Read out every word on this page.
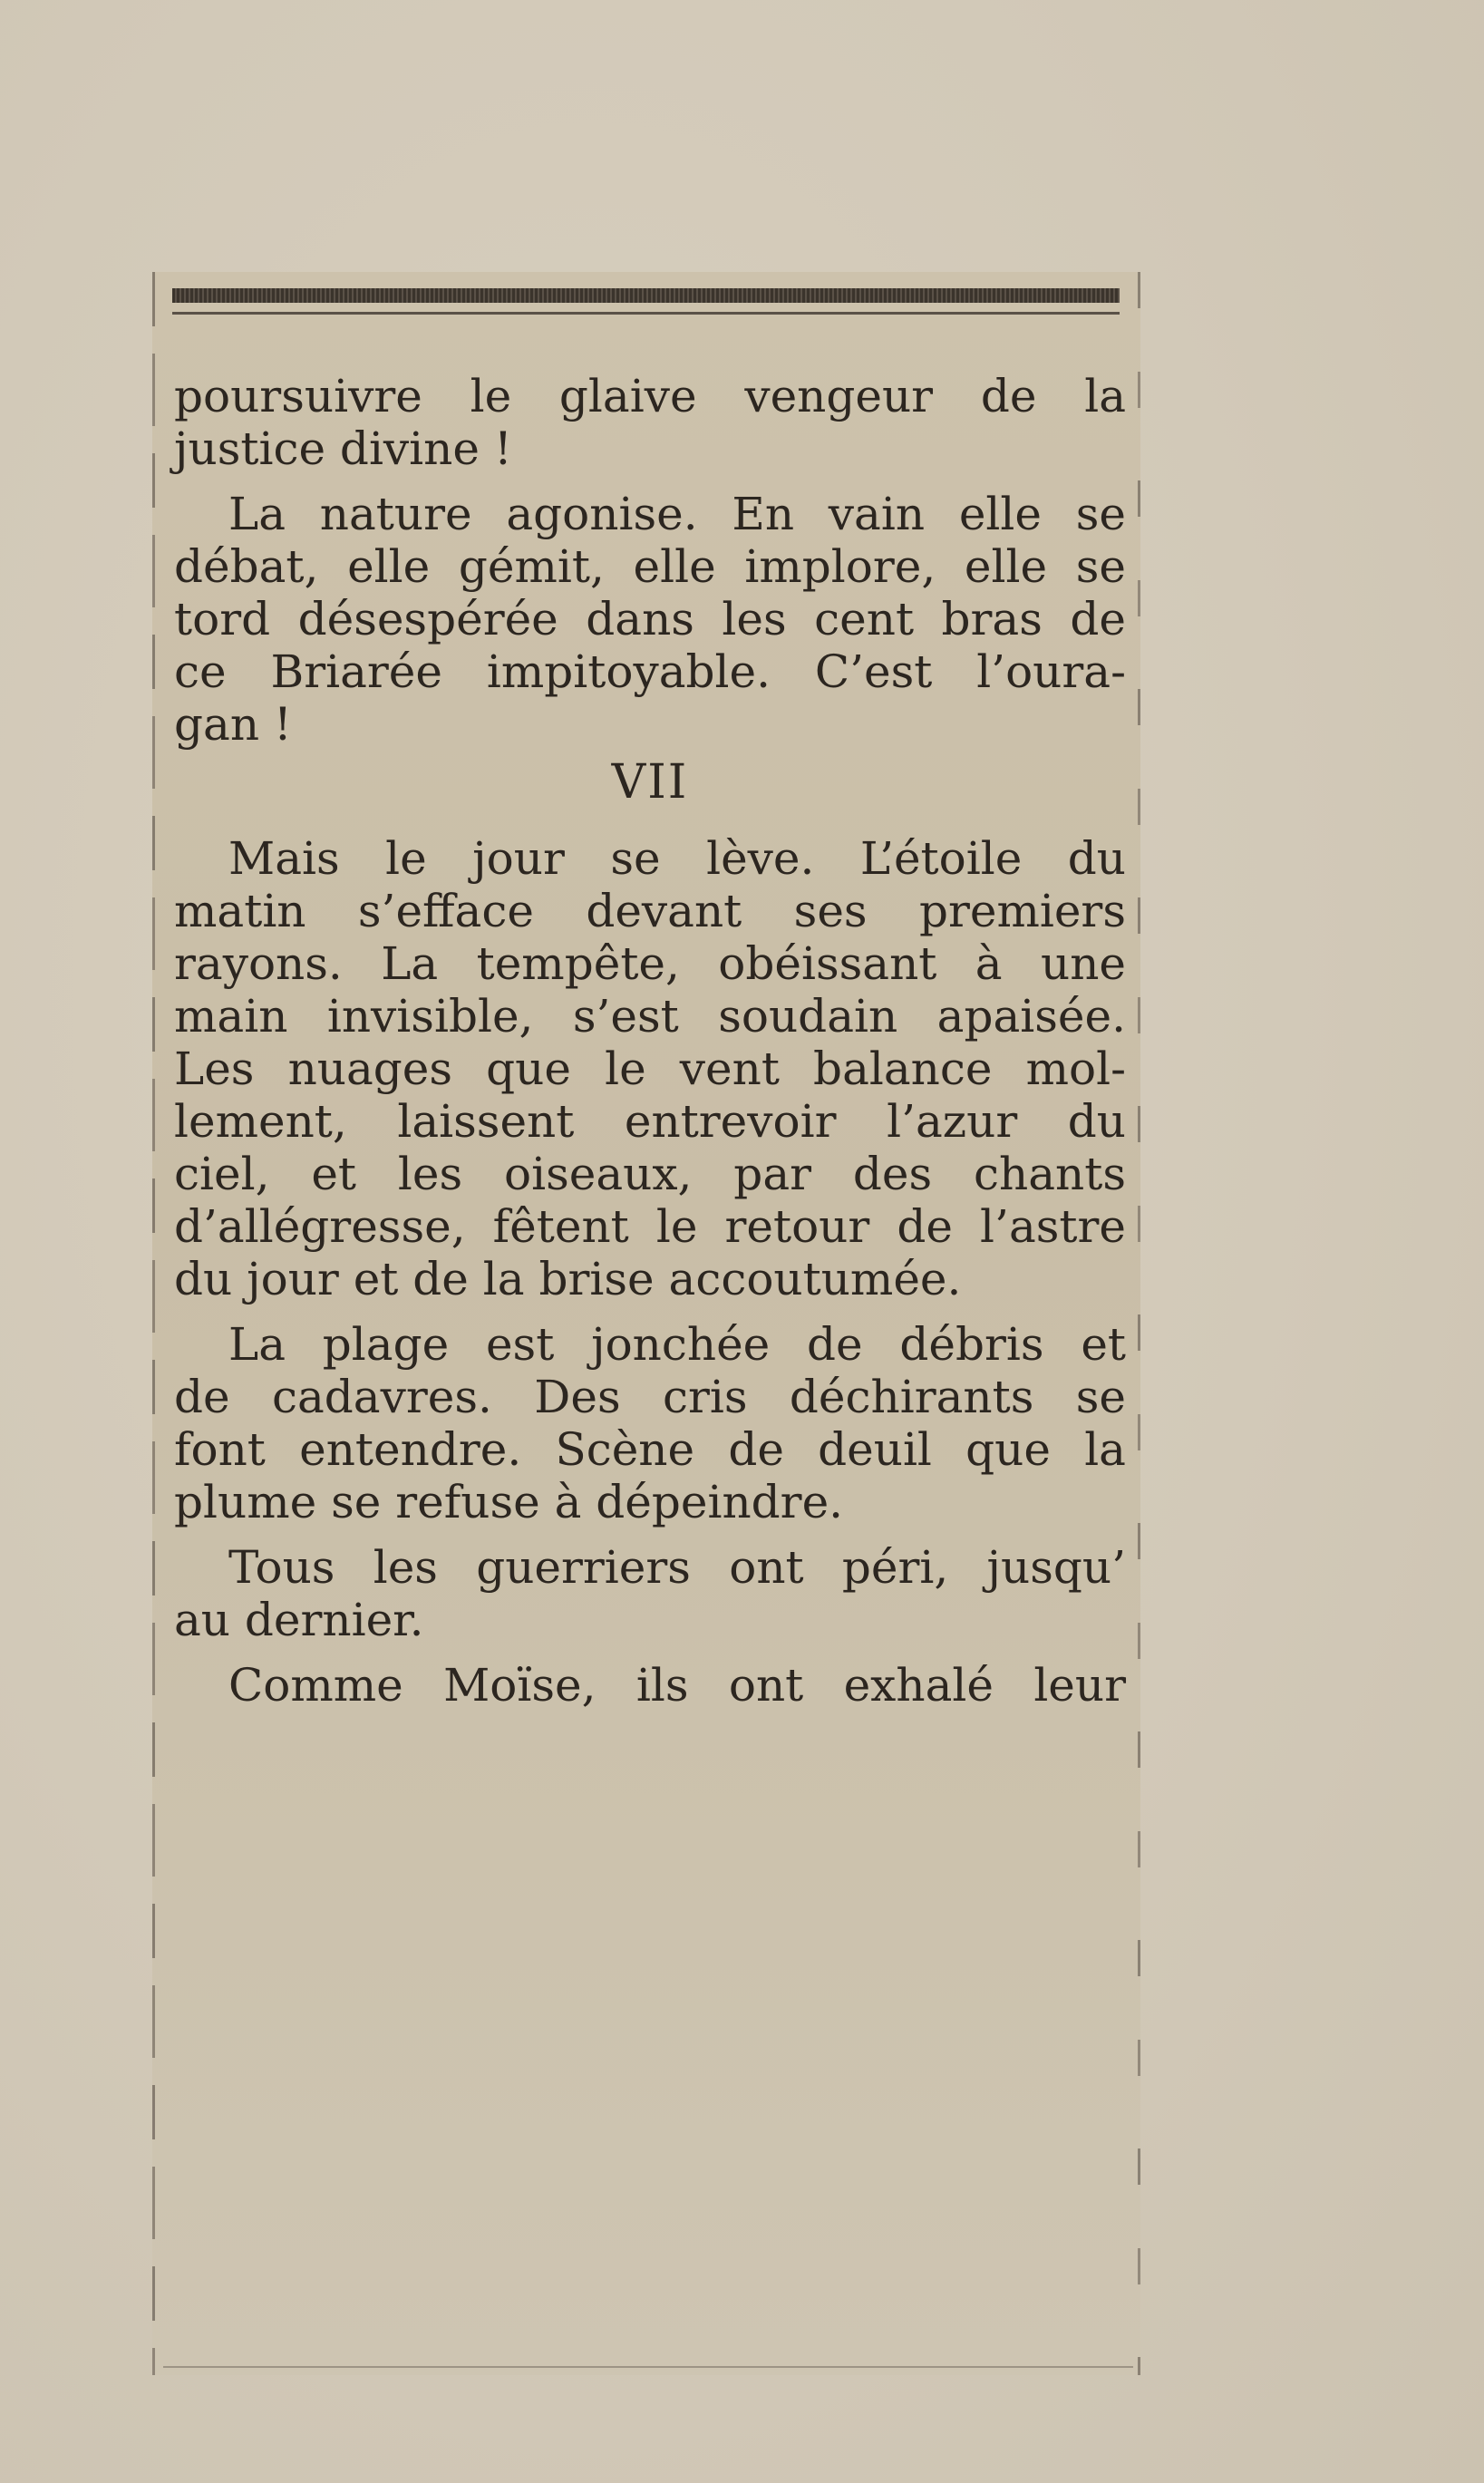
poursuivre le glaive vengeur de la
justice divine !

La nature agonise. En vain elle se
débat, elle gémit, elle implore, elle se
tord désespérée dans les cent bras de
ce Briarée impitoyable. C’est l’oura-
gan !

VII

Mais le jour se lève. L’étoile du
matin s’efface devant ses premiers
rayons. La tempête, obéissant à une
main invisible, s’est soudain apaisée.
Les nuages que le vent balance mol-
lement, laissent entrevoir l’azur du
ciel, et les oiseaux, par des chants
d’allégresse, fêtent le retour de l’astre
du jour et de la brise accoutumée.

La plage est jonchée de débris et
de cadavres. Des cris déchirants se
font entendre. Scène de deuil que la
plume se refuse à dépeindre.

Tous les guerriers ont péri, jusqu’
au dernier.

Comme Moïse, ils ont exhalé leur
